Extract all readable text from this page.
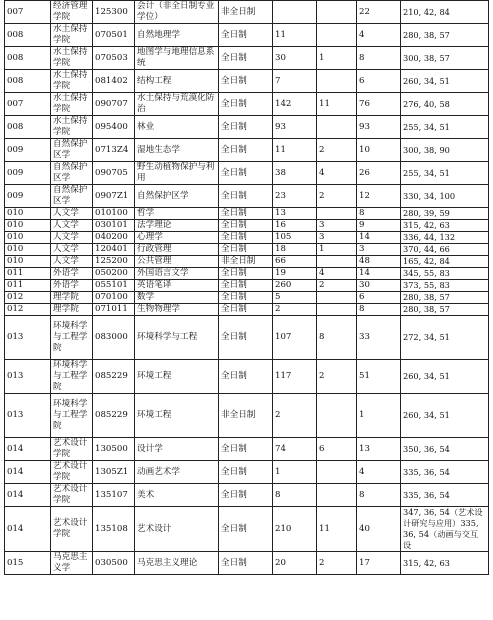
007	经济管理学院	125300	会计（非全日制专业学位）	非全日制			22	210, 42, 84
008	水土保持学院	070501	自然地理学	全日制	11		4	280, 38, 57
008	水土保持学院	070503	地图学与地理信息系统	全日制	30	1	8	300, 38, 57
008	水土保持学院	081402	结构工程	全日制	7		6	260, 34, 51
007	水土保持学院	090707	水土保持与荒漠化防治	全日制	142	11	76	276, 40, 58
008	水土保持学院	095400	林业	全日制	93		93	255, 34, 51
009	自然保护区学	0713Z4	湿地生态学	全日制	11	2	10	300, 38, 90
009	自然保护区学	090705	野生动植物保护与利用	全日制	38	4	26	255, 34, 51
009	自然保护区学	0907Z1	自然保护区学	全日制	23	2	12	330, 34, 100
010	人文学	010100	哲学	全日制	13		8	280, 39, 59
010	人文学	030101	法学理论	全日制	16	3	9	315, 42, 63
010	人文学	040200	心理学	全日制	105	3	14	336, 44, 132
010	人文学	120401	行政管理	全日制	18	1	3	370, 44, 66
010	人文学	125200	公共管理	非全日制	66		48	165, 42, 84
011	外语学	050200	外国语言文学	全日制	19	4	14	345, 55, 83
011	外语学	055101	英语笔译	全日制	260	2	30	373, 55, 83
012	理学院	070100	数学	全日制	5		6	280, 38, 57
012	理学院	071011	生物物理学	全日制	2		8	280, 38, 57
013	环境科学与工程学院	083000	环境科学与工程	全日制	107	8	33	272, 34, 51
013	环境科学与工程学院	085229	环境工程	全日制	117	2	51	260, 34, 51
013	环境科学与工程学院	085229	环境工程	非全日制	2		1	260, 34, 51
014	艺术设计学院	130500	设计学	全日制	74	6	13	350, 36, 54
014	艺术设计学院	1305Z1	动画艺术学	全日制	1		4	335, 36, 54
014	艺术设计学院	135107	美术	全日制	8		8	335, 36, 54
014	艺术设计学院	135108	艺术设计	全日制	210	11	40	347, 36, 54（艺术设计研究与应用）335, 36, 54（动画与交互设
015	马克思主义学	030500	马克思主义理论	全日制	20	2	17	315, 42, 63
